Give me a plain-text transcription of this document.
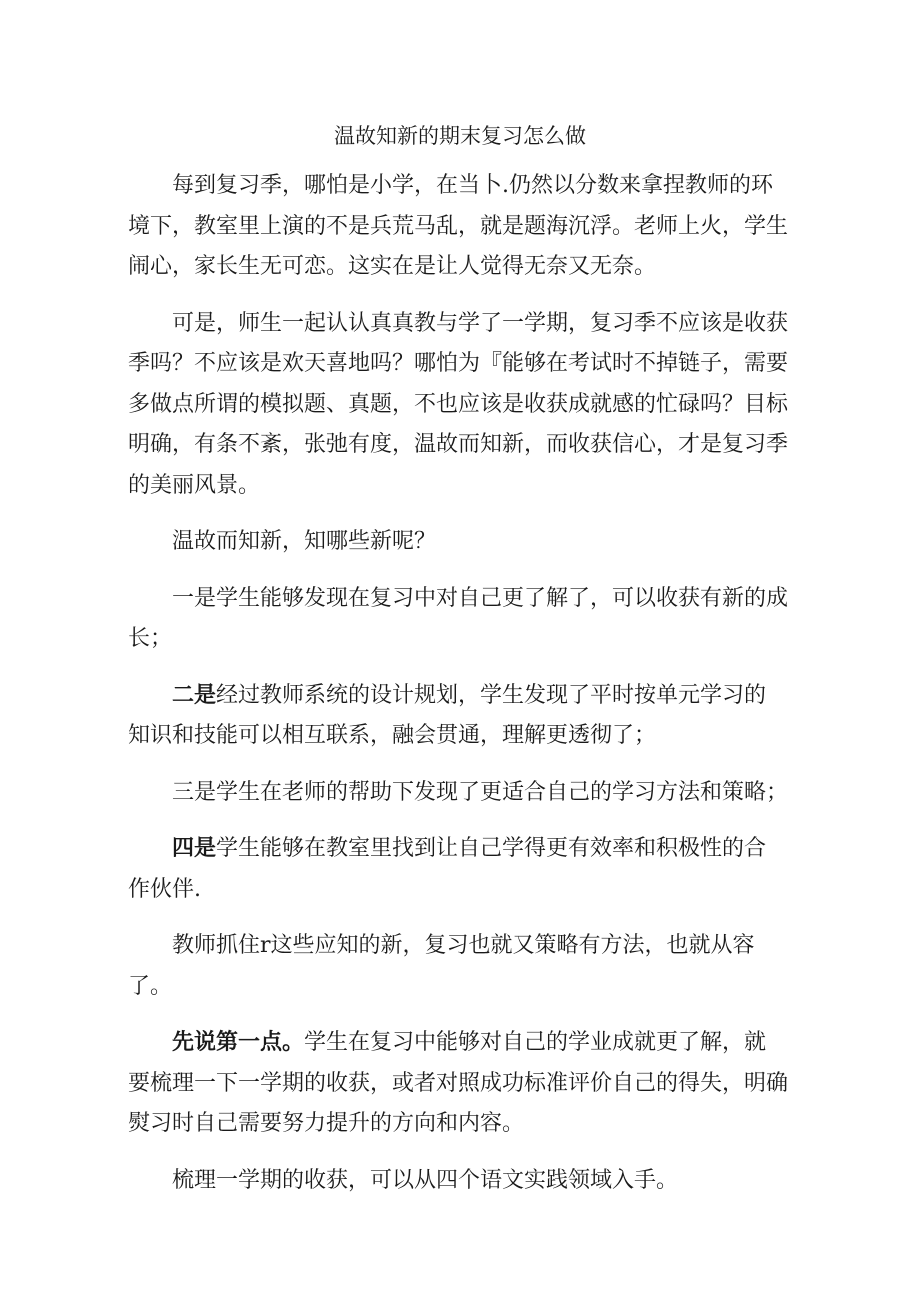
温故知新的期末复习怎么做

每到复习季，哪怕是小学，在当卜.仍然以分数来拿捏教师的环境下，教室里上演的不是兵荒马乱，就是题海沉浮。老师上火，学生闹心，家长生无可恋。这实在是让人觉得无奈又无奈。

可是，师生一起认认真真教与学了一学期，复习季不应该是收获季吗？不应该是欢天喜地吗？哪怕为『能够在考试时不掉链子，需要多做点所谓的模拟题、真题，不也应该是收获成就感的忙碌吗？目标明确，有条不紊，张弛有度，温故而知新，而收获信心，才是复习季的美丽风景。

温故而知新，知哪些新呢？

一是学生能够发现在复习中对自己更了解了，可以收获有新的成长；

二是经过教师系统的设计规划，学生发现了平时按单元学习的知识和技能可以相互联系，融会贯通，理解更透彻了；

三是学生在老师的帮助下发现了更适合自己的学习方法和策略；

四是学生能够在教室里找到让自己学得更有效率和积极性的合作伙伴.

教师抓住r这些应知的新，复习也就又策略有方法，也就从容了。

先说第一点。学生在复习中能够对自己的学业成就更了解，就要梳理一下一学期的收获，或者对照成功标准评价自己的得失，明确熨习时自己需要努力提升的方向和内容。

梳理一学期的收获，可以从四个语文实践领域入手。
